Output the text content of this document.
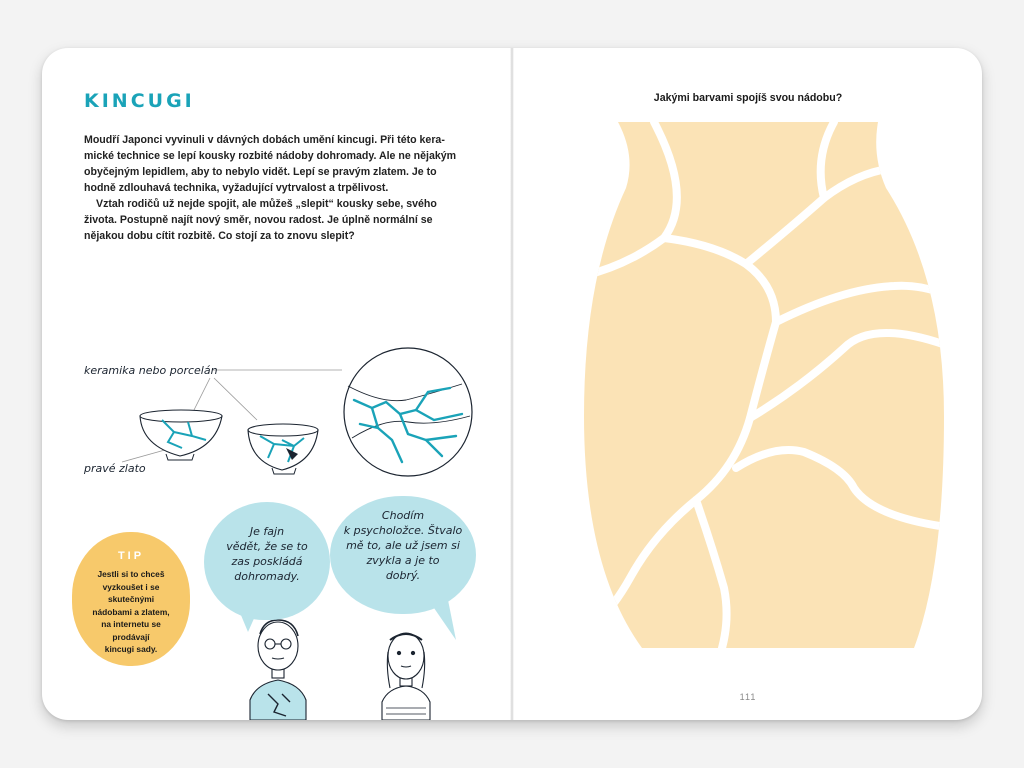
KINCUGI

Moudří Japonci vyvinuli v dávných dobách umění kincugi. Při této kera-

mické technice se lepí kousky rozbité nádoby dohromady. Ale ne nějakým

obyčejným lepidlem, aby to nebylo vidět. Lepí se pravým zlatem. Je to

hodně zdlouhavá technika, vyžadující vytrvalost a trpělivost.

Vztah rodičů už nejde spojit, ale můžeš „slepit“ kousky sebe, svého

života. Postupně najít nový směr, novou radost. Je úplně normální se

nějakou dobu cítit rozbitě. Co stojí za to znovu slepit?

keramika nebo porcelán
pravé zlato
TIP
Jestli si to chceš
vyzkoušet i se
skutečnými
nádobami a zlatem,
na internetu se
prodávají
kincugi sady.

Je fajn
vědět, že se to
zas poskládá
dohromady.

Chodím
k psycholožce. Štvalo
mě to, ale už jsem si
zvykla a je to
dobrý.

Jakými barvami spojíš svou nádobu?
111
